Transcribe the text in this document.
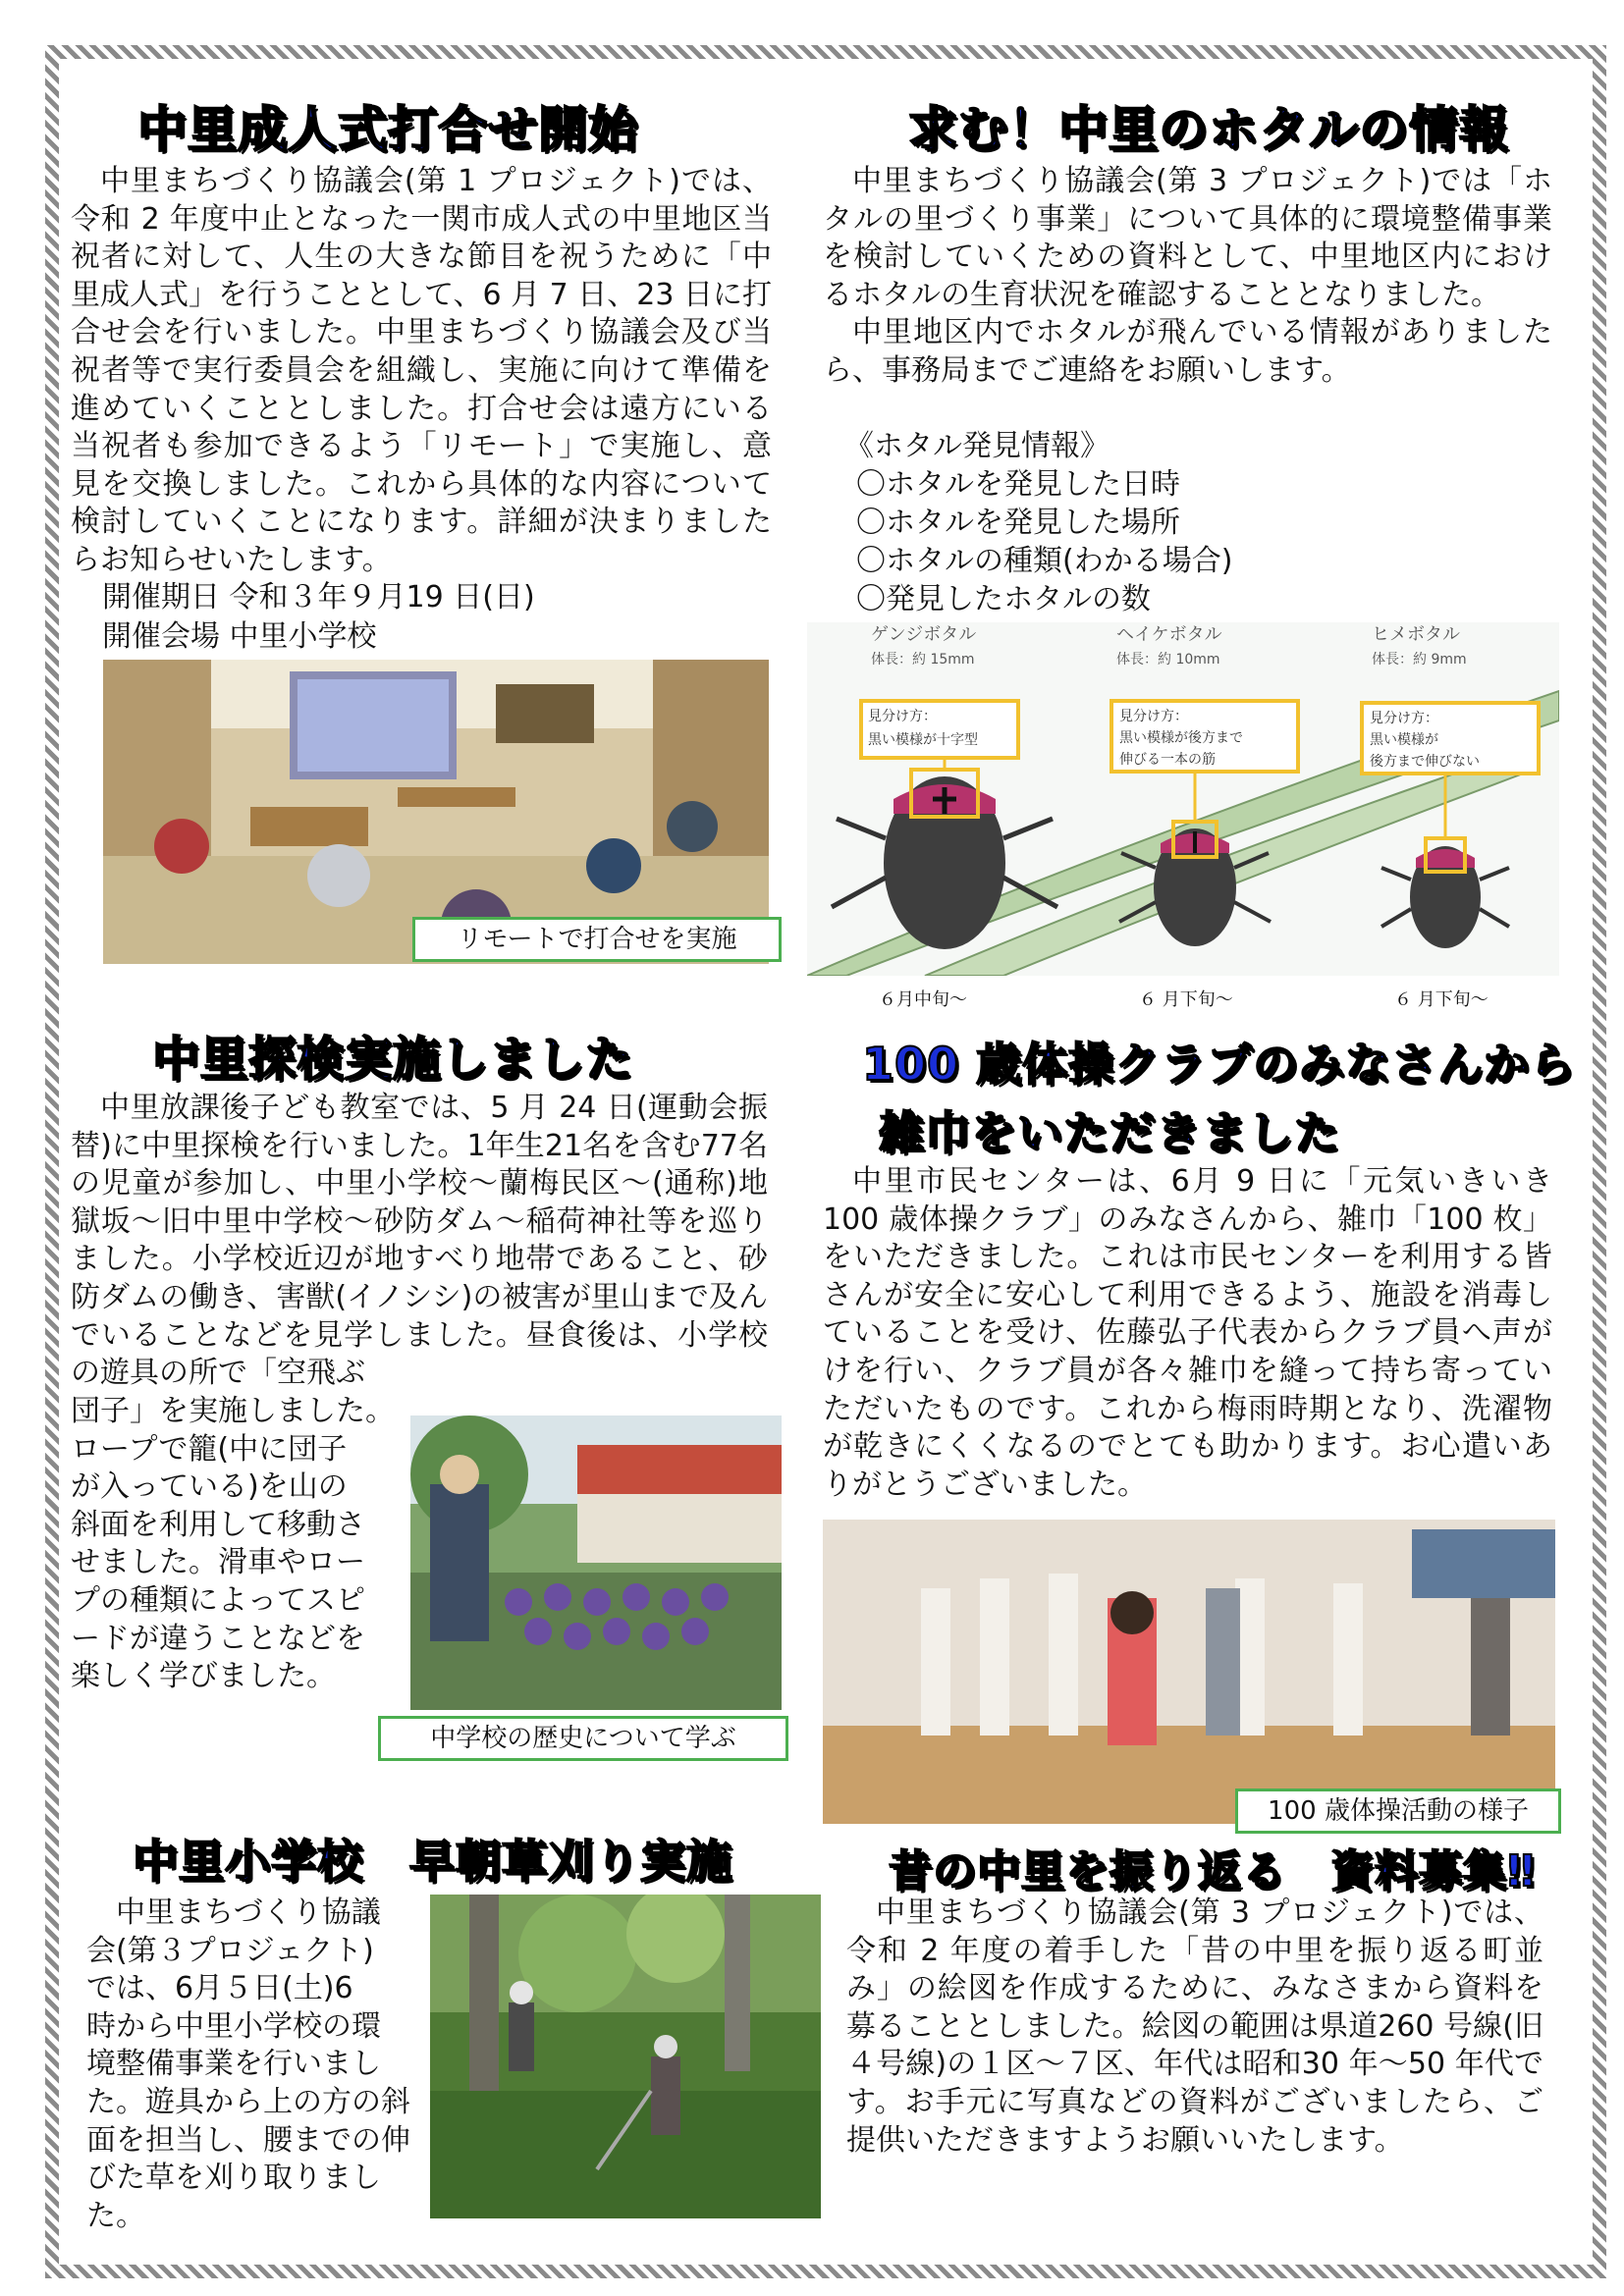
中里成人式打合せ開始
中里まちづくり協議会(第 1 プロジェクト)では、令和 2 年度中止となった一関市成人式の中里地区当祝者に対して、人生の大きな節目を祝うために「中里成人式」を行うこととして、6 月 7 日、23 日に打合せ会を行いました。中里まちづくり協議会及び当祝者等で実行委員会を組織し、実施に向けて準備を進めていくこととしました。打合せ会は遠方にいる当祝者も参加できるよう「リモート」で実施し、意見を交換しました。これから具体的な内容について検討していくことになります。詳細が決まりましたらお知らせいたします。
開催期日 令和３年９月19 日(日)
開催会場 中里小学校
リモートで打合せを実施
求む！中里のホタルの情報

中里まちづくり協議会(第 3 プロジェクト)では「ホタルの里づくり事業」について具体的に環境整備事業を検討していくための資料として、中里地区内におけるホタルの生育状況を確認することとなりました。

中里地区内でホタルが飛んでいる情報がありましたら、事務局までご連絡をお願いします。

《ホタル発見情報》
〇ホタルを発見した日時
〇ホタルを発見した場所
〇ホタルの種類(わかる場合)
〇発見したホタルの数
ゲンジボタル
体長：約 15mm
見分け方：
黒い模様が十字型
ヘイケボタル
体長：約 10mm
見分け方：
黒い模様が後方まで
伸びる一本の筋
ヒメボタル
体長：約 9mm
見分け方：
黒い模様が
後方まで伸びない
６月中旬～	６ 月下旬～	６ 月下旬～
中里探検実施しました
中里放課後子ども教室では、5 月 24 日(運動会振替)に中里探検を行いました。1年生21名を含む77名の児童が参加し、中里小学校～蘭梅民区～(通称)地獄坂～旧中里中学校～砂防ダム～稲荷神社等を巡りました。小学校近辺が地すべり地帯であること、砂防ダムの働き、害獣(イノシシ)の被害が里山まで及んでいることなどを見学しました。昼食後は、小学校の遊具の所で「空飛ぶ

団子」を実施しました。

ロープで籠(中に団子

が入っている)を山の

斜面を利用して移動さ

せました。滑車やロー

プの種類によってスピ

ードが違うことなどを

楽しく学びました。

中学校の歴史について学ぶ
100 歳体操クラブのみなさんから
雑巾をいただきました
中里市民センターは、6月 9 日に「元気いきいき 100 歳体操クラブ」のみなさんから、雑巾「100 枚」をいただきました。これは市民センターを利用する皆さんが安全に安心して利用できるよう、施設を消毒していることを受け、佐藤弘子代表からクラブ員へ声がけを行い、クラブ員が各々雑巾を縫って持ち寄っていただいたものです。これから梅雨時期となり、洗濯物が乾きにくくなるのでとても助かります。お心遣いありがとうございました。
100 歳体操活動の様子
中里小学校　早朝草刈り実施

中里まちづくり協議

会(第３プロジェクト)

では、6月５日(土)6

時から中里小学校の環

境整備事業を行いまし

た。遊具から上の方の斜

面を担当し、腰までの伸

びた草を刈り取りまし

た。

昔の中里を振り返る　資料募集‼
中里まちづくり協議会(第 3 プロジェクト)では、令和 2 年度の着手した「昔の中里を振り返る町並み」の絵図を作成するために、みなさまから資料を募ることとしました。絵図の範囲は県道260 号線(旧４号線)の１区～７区、年代は昭和30 年～50 年代です。お手元に写真などの資料がございましたら、ご提供いただきますようお願いいたします。
